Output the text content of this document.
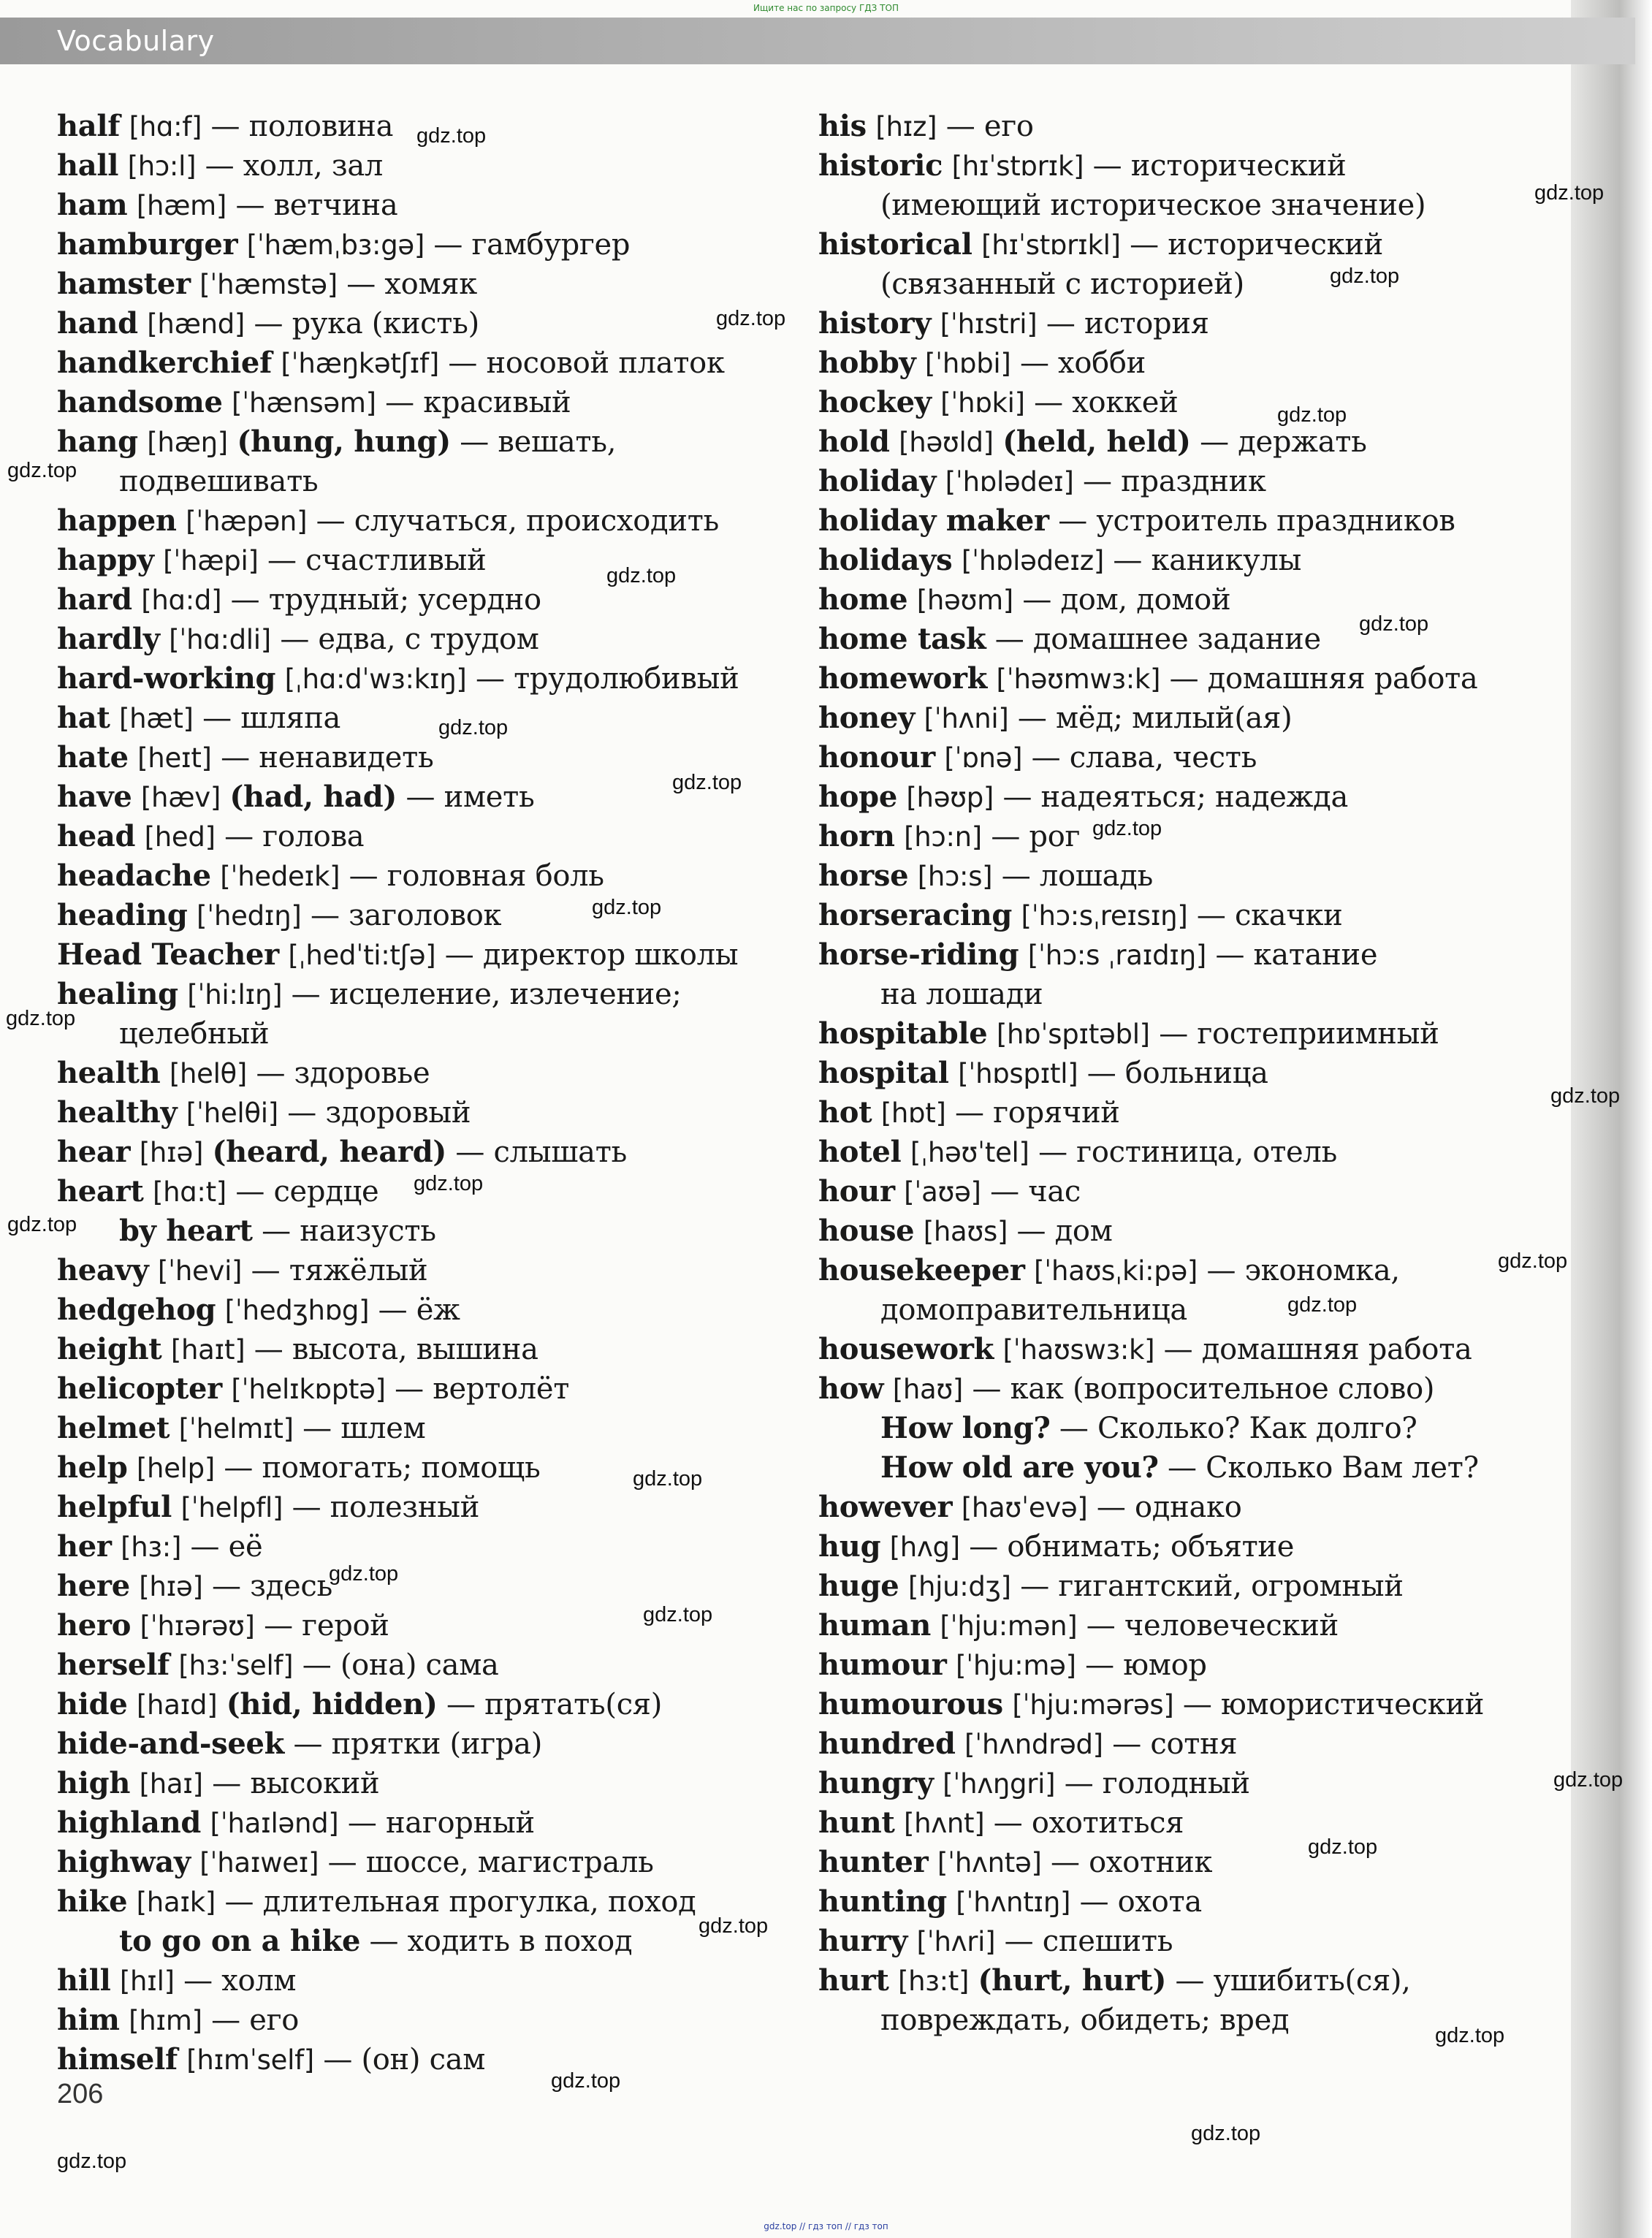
Ищите нас по запросу ГДЗ ТОП
Vocabulary
half [hɑ:f] — половина
hall [hɔ:l] — холл, зал
ham [hæm] — ветчина
hamburger [ˈhæmˌbɜ:gə] — гамбургер
hamster [ˈhæmstə] — хомяк
hand [hænd] — рука (кисть)
handkerchief [ˈhæŋkətʃɪf] — носовой платок
handsome [ˈhænsəm] — красивый
hang [hæŋ] (hung, hung) — вешать,
подвешивать
happen [ˈhæpən] — случаться, происходить
happy [ˈhæpi] — счастливый
hard [hɑ:d] — трудный; усердно
hardly [ˈhɑ:dli] — едва, с трудом
hard-working [ˌhɑ:dˈwɜ:kɪŋ] — трудолюбивый
hat [hæt] — шляпа
hate [heɪt] — ненавидеть
have [hæv] (had, had) — иметь
head [hed] — голова
headache [ˈhedeɪk] — головная боль
heading [ˈhedɪŋ] — заголовок
Head Teacher [ˌhedˈti:tʃə] — директор школы
healing [ˈhi:lɪŋ] — исцеление, излечение;
целебный
health [helθ] — здоровье
healthy [ˈhelθi] — здоровый
hear [hɪə] (heard, heard) — слышать
heart [hɑ:t] — сердце
by heart — наизусть
heavy [ˈhevi] — тяжёлый
hedgehog [ˈhedʒhɒg] — ёж
height [haɪt] — высота, вышина
helicopter [ˈhelɪkɒptə] — вертолёт
helmet [ˈhelmɪt] — шлем
help [help] — помогать; помощь
helpful [ˈhelpfl] — полезный
her [hɜ:] — её
here [hɪə] — здесь
hero [ˈhɪərəʊ] — герой
herself [hɜ:ˈself] — (она) сама
hide [haɪd] (hid, hidden) — прятать(ся)
hide-and-seek — прятки (игра)
high [haɪ] — высокий
highland [ˈhaɪlənd] — нагорный
highway [ˈhaɪweɪ] — шоссе, магистраль
hike [haɪk] — длительная прогулка, поход
to go on a hike — ходить в поход
hill [hɪl] — холм
him [hɪm] — его
himself [hɪmˈself] — (он) сам
his [hɪz] — его
historic [hɪˈstɒrɪk] — исторический
(имеющий историческое значение)
historical [hɪˈstɒrɪkl] — исторический
(связанный с историей)
history [ˈhɪstri] — история
hobby [ˈhɒbi] — хобби
hockey [ˈhɒki] — хоккей
hold [həʊld] (held, held) — держать
holiday [ˈhɒlədeɪ] — праздник
holiday maker — устроитель праздников
holidays [ˈhɒlədeɪz] — каникулы
home [həʊm] — дом, домой
home task — домашнее задание
homework [ˈhəʊmwɜ:k] — домашняя работа
honey [ˈhʌni] — мёд; милый(ая)
honour [ˈɒnə] — слава, честь
hope [həʊp] — надеяться; надежда
horn [hɔ:n] — рог
horse [hɔ:s] — лошадь
horseracing [ˈhɔ:sˌreɪsɪŋ] — скачки
horse-riding [ˈhɔ:s ˌraɪdɪŋ] — катание
на лошади
hospitable [hɒˈspɪtəbl] — гостеприимный
hospital [ˈhɒspɪtl] — больница
hot [hɒt] — горячий
hotel [ˌhəʊˈtel] — гостиница, отель
hour [ˈaʊə] — час
house [haʊs] — дом
housekeeper [ˈhaʊsˌki:pə] — экономка,
домоправительница
housework [ˈhaʊswɜ:k] — домашняя работа
how [haʊ] — как (вопросительное слово)
How long? — Сколько? Как долго?
How old are you? — Сколько Вам лет?
however [haʊˈevə] — однако
hug [hʌg] — обнимать; объятие
huge [hju:dʒ] — гигантский, огромный
human [ˈhju:mən] — человеческий
humour [ˈhju:mə] — юмор
humourous [ˈhju:mərəs] — юмористический
hundred [ˈhʌndrəd] — сотня
hungry [ˈhʌŋgri] — голодный
hunt [hʌnt] — охотиться
hunter [ˈhʌntə] — охотник
hunting [ˈhʌntɪŋ] — охота
hurry [ˈhʌri] — спешить
hurt [hɜ:t] (hurt, hurt) — ушибить(ся),
повреждать, обидеть; вред
206
gdz.top
gdz.top
gdz.top
gdz.top
gdz.top
gdz.top
gdz.top
gdz.top
gdz.top
gdz.top
gdz.top
gdz.top
gdz.top
gdz.top
gdz.top
gdz.top
gdz.top
gdz.top
gdz.top
gdz.top
gdz.top
gdz.top
gdz.top
gdz.top
gdz.top
gdz.top
gdz.top
gdz.top
gdz.top // гдз топ // гдз топ
